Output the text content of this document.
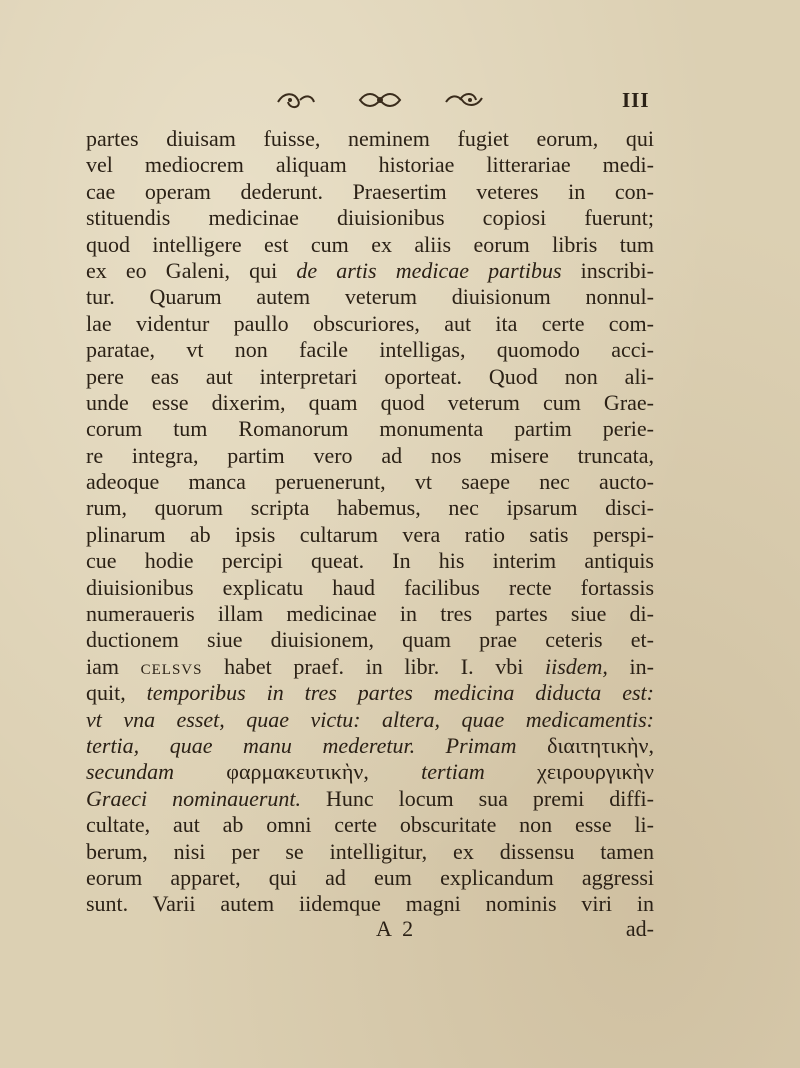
III
partes diuisam fuisse, neminem fugiet eorum, qui
vel mediocrem aliquam historiae litterariae medi-
cae operam dederunt. Praesertim veteres in con-
stituendis medicinae diuisionibus copiosi fuerunt;
quod intelligere est cum ex aliis eorum libris tum
ex eo Galeni, qui de artis medicae partibus inscribi-
tur. Quarum autem veterum diuisionum nonnul-
lae videntur paullo obscuriores, aut ita certe com-
paratae, vt non facile intelligas, quomodo acci-
pere eas aut interpretari oporteat. Quod non ali-
unde esse dixerim, quam quod veterum cum Grae-
corum tum Romanorum monumenta partim perie-
re integra, partim vero ad nos misere truncata,
adeoque manca peruenerunt, vt saepe nec aucto-
rum, quorum scripta habemus, nec ipsarum disci-
plinarum ab ipsis cultarum vera ratio satis perspi-
cue hodie percipi queat. In his interim antiquis
diuisionibus explicatu haud facilibus recte fortassis
numeraueris illam medicinae in tres partes siue di-
ductionem siue diuisionem, quam prae ceteris et-
iam celsvs habet praef. in libr. I. vbi iisdem, in-
quit, temporibus in tres partes medicina diducta est:
vt vna esset, quae victu: altera, quae medicamentis:
tertia, quae manu mederetur. Primam διαιτητικὴν,
secundam φαρμακευτικὴν, tertiam χειρουργικὴν
Graeci nominauerunt. Hunc locum sua premi diffi-
cultate, aut ab omni certe obscuritate non esse li-
berum, nisi per se intelligitur, ex dissensu tamen
eorum apparet, qui ad eum explicandum aggressi
sunt. Varii autem iidemque magni nominis viri in
A 2	ad-
